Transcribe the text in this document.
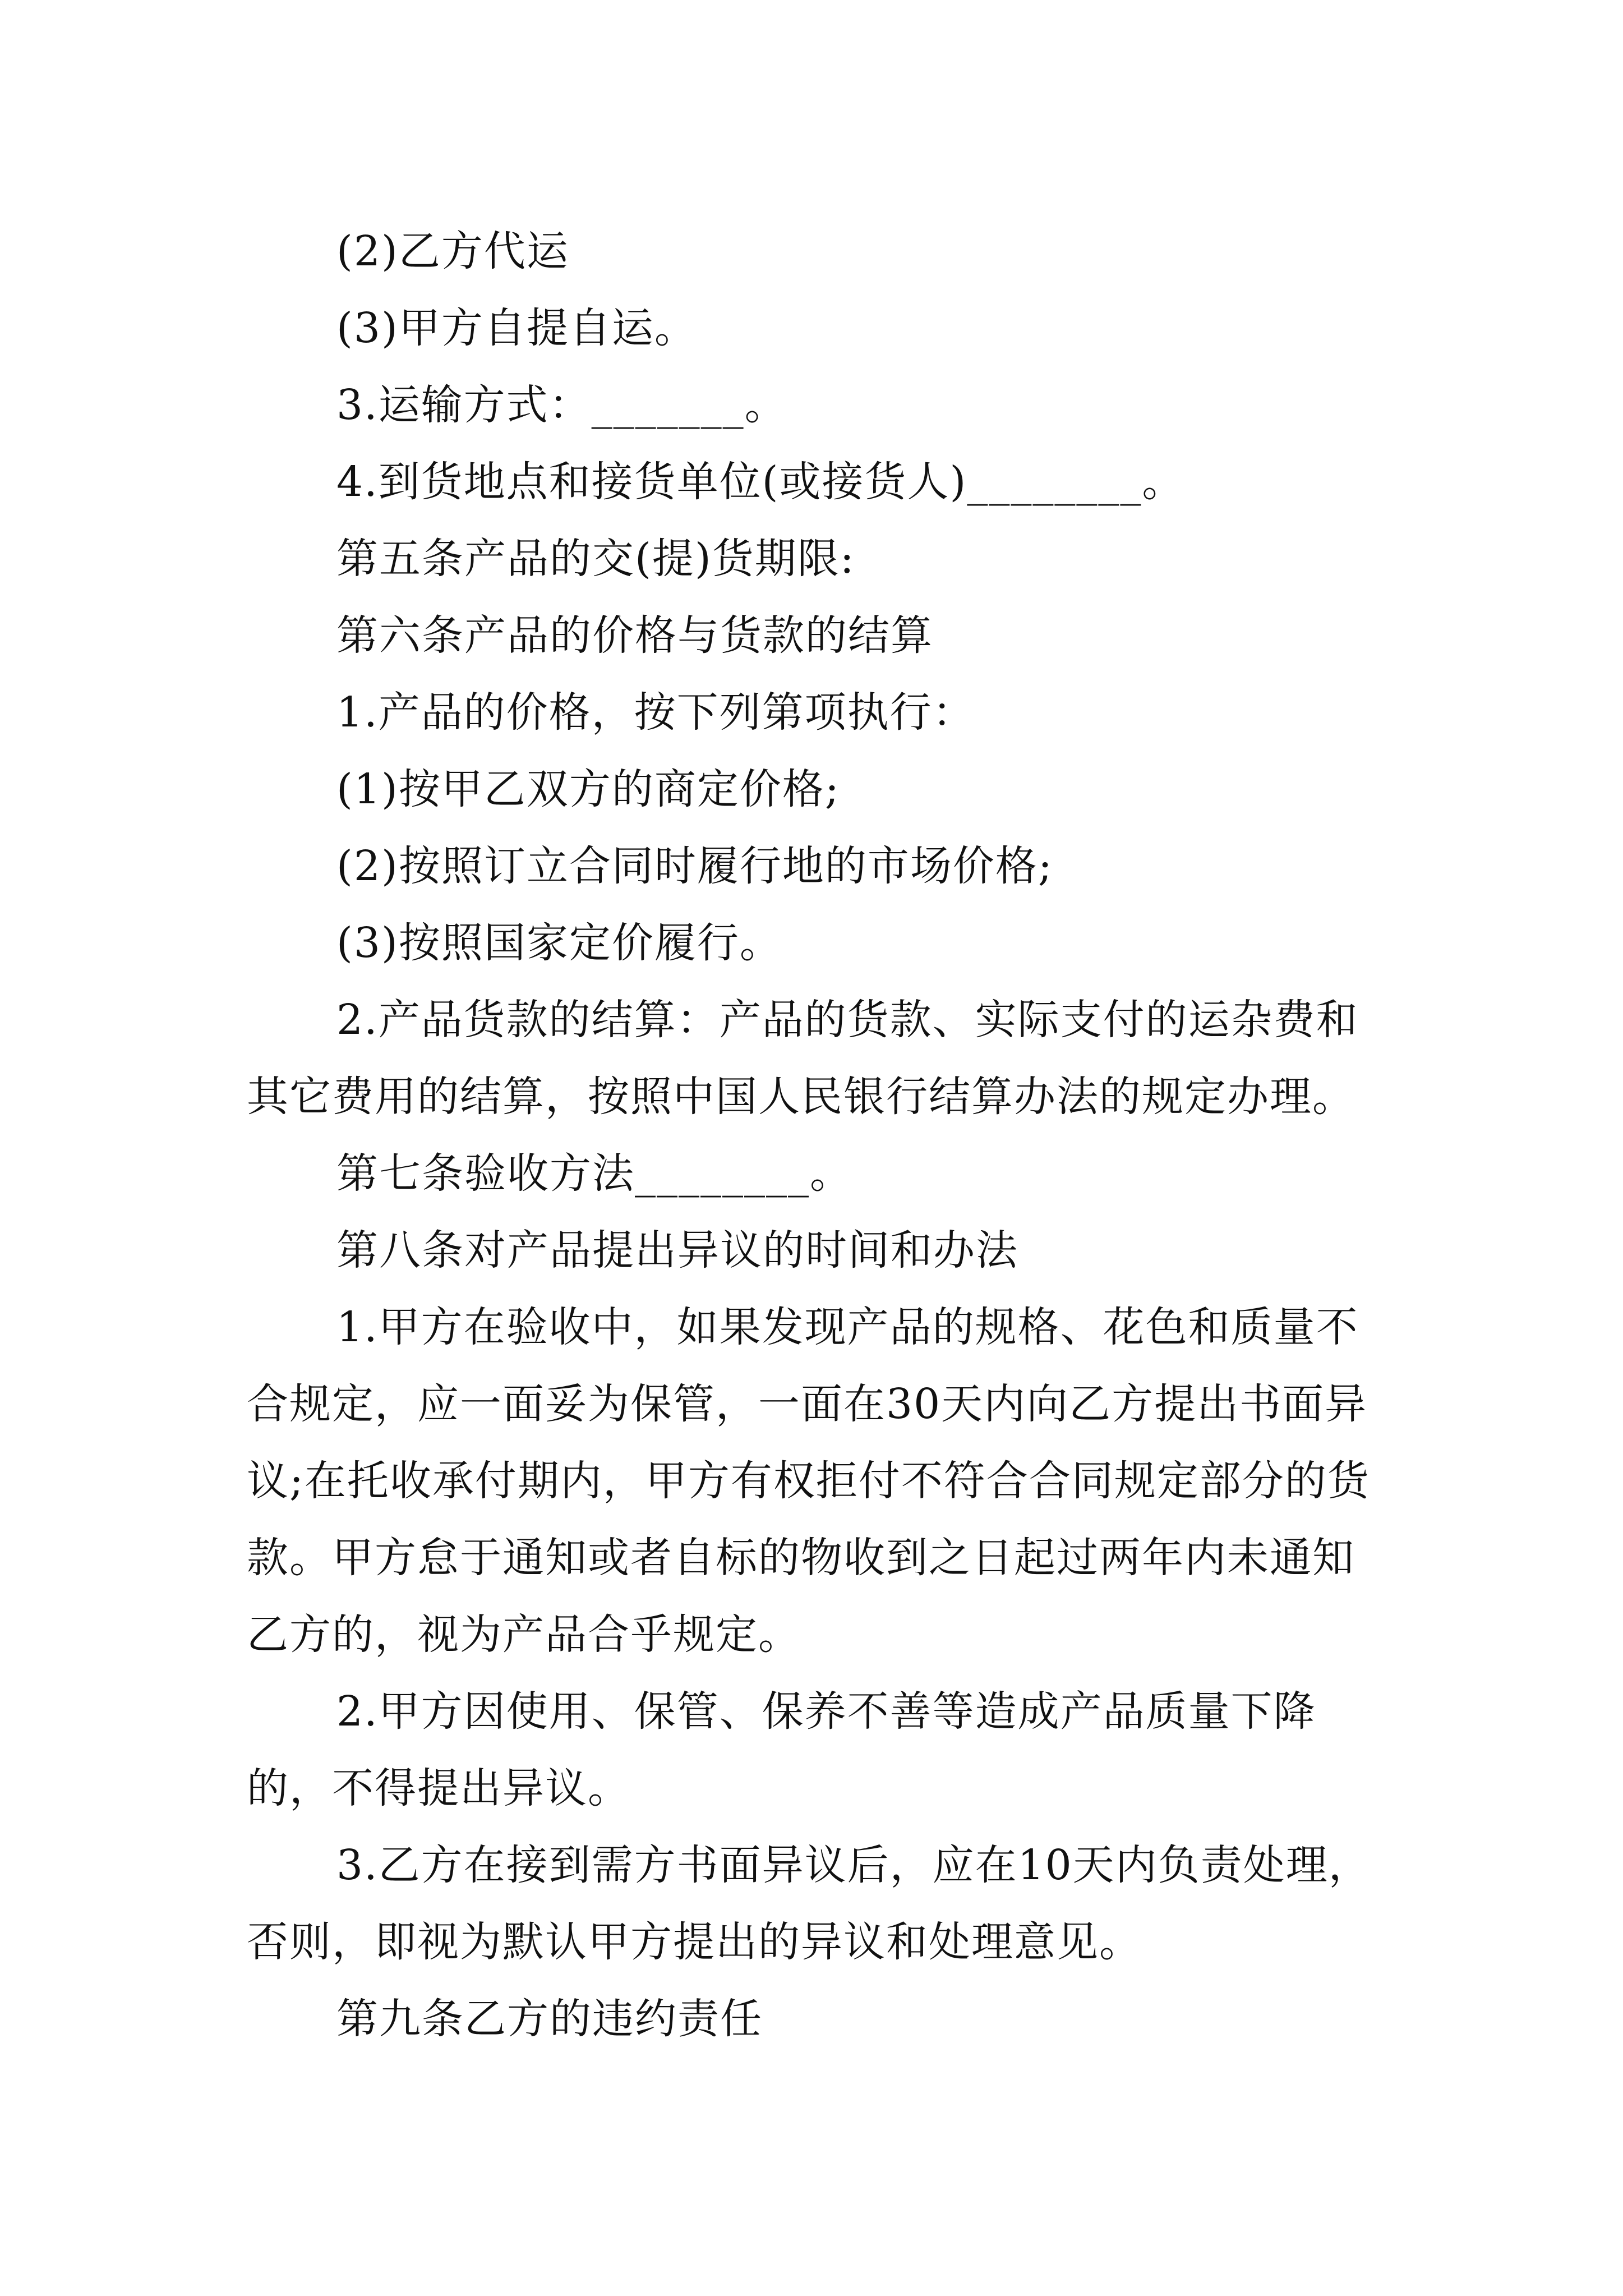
(2)乙方代运

(3)甲方自提自运。

3.运输方式：_______。

4.到货地点和接货单位(或接货人)________。

第五条产品的交(提)货期限:

第六条产品的价格与货款的结算

1.产品的价格，按下列第项执行：

(1)按甲乙双方的商定价格;

(2)按照订立合同时履行地的市场价格;

(3)按照国家定价履行。

2.产品货款的结算：产品的货款、实际支付的运杂费和其它费用的结算，按照中国人民银行结算办法的规定办理。

第七条验收方法________。

第八条对产品提出异议的时间和办法

1.甲方在验收中，如果发现产品的规格、花色和质量不合规定，应一面妥为保管，一面在30天内向乙方提出书面异议;在托收承付期内，甲方有权拒付不符合合同规定部分的货款。甲方怠于通知或者自标的物收到之日起过两年内未通知乙方的，视为产品合乎规定。

2.甲方因使用、保管、保养不善等造成产品质量下降的，不得提出异议。

3.乙方在接到需方书面异议后，应在10天内负责处理，否则，即视为默认甲方提出的异议和处理意见。

第九条乙方的违约责任
